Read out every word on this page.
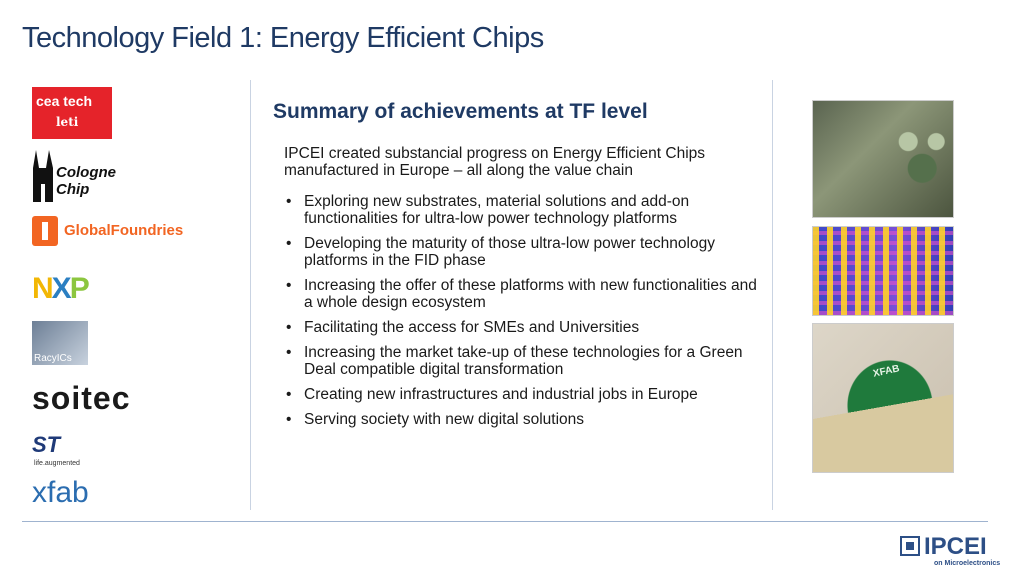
Technology Field 1: Energy Efficient Chips
cea tech
leti
Cologne Chip
GlobalFoundries
NXP
RacyICs
soitec
ST
life.augmented
xfab
Summary of achievements at TF level
IPCEI created substancial progress on Energy Efficient Chips manufactured in Europe – all along the value chain
• Exploring new substrates, material solutions and add-on functionalities for ultra-low power technology platforms
• Developing the maturity of those ultra-low power technology platforms in the FID phase
• Increasing the offer of these platforms with new functionalities and a whole design ecosystem
• Facilitating the access for SMEs and Universities
• Increasing the market take-up of these technologies for a Green Deal compatible digital transformation
• Creating new infrastructures and industrial jobs in Europe
• Serving society with new digital solutions
XFAB
IPCEI
on Microelectronics
